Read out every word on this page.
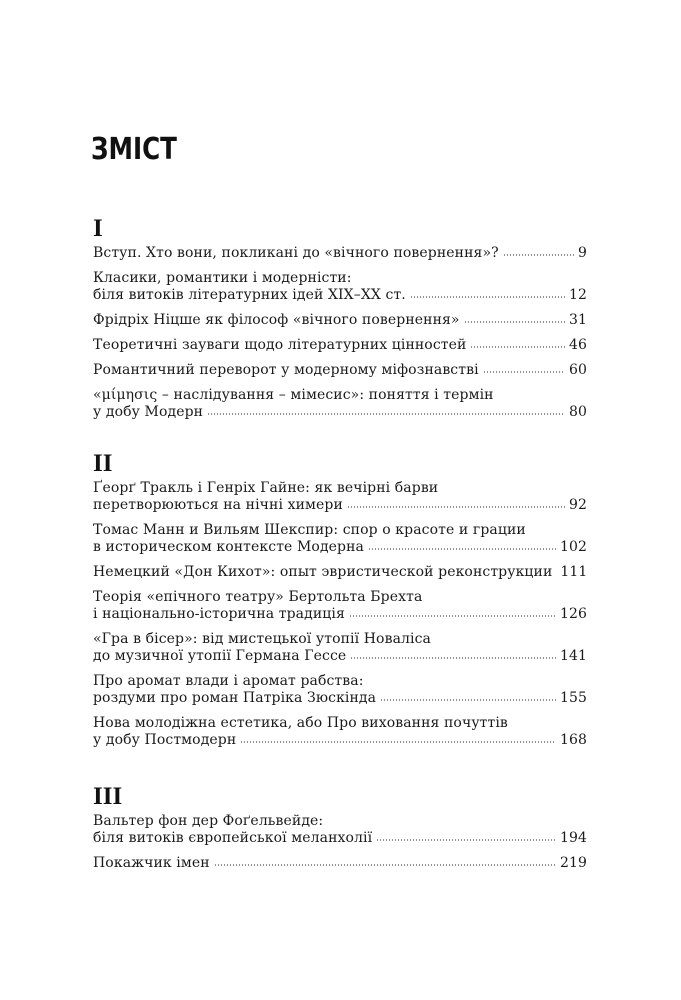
ЗМІСТ
I
Вступ. Хто вони, покликані до «вічного повернення»?	9
Класики, романтики і модерністи:
біля витоків літературних ідей XIX–XX ст.	12
Фрідріх Ніцше як філософ «вічного повернення»	31
Теоретичні зауваги щодо літературних цінностей	46
Романтичний переворот у модерному міфознавстві	60
«μίμησις – наслідування – мімесис»: поняття і термін
у добу Модерн	80
II
Ґеорґ Тракль і Генріх Гайне: як вечірні барви
перетворюються на нічні химери	92
Томас Манн и Вильям Шекспир: спор о красоте и грации
в историческом контексте Модерна	102
Немецкий «Дон Кихот»: опыт эвристической реконструкции 111
Теорія «епічного театру» Бертольта Брехта
і національно-історична традиція	126
«Гра в бісер»: від мистецької утопії Новаліса
до музичної утопії Германа Гессе	141
Про аромат влади і аромат рабства:
роздуми про роман Патріка Зюскінда	155
Нова молодіжна естетика, або Про виховання почуттів
у добу Постмодерн	168
III
Вальтер фон дер Фоґельвейде:
біля витоків європейської меланхолії	194
Покажчик імен	219
